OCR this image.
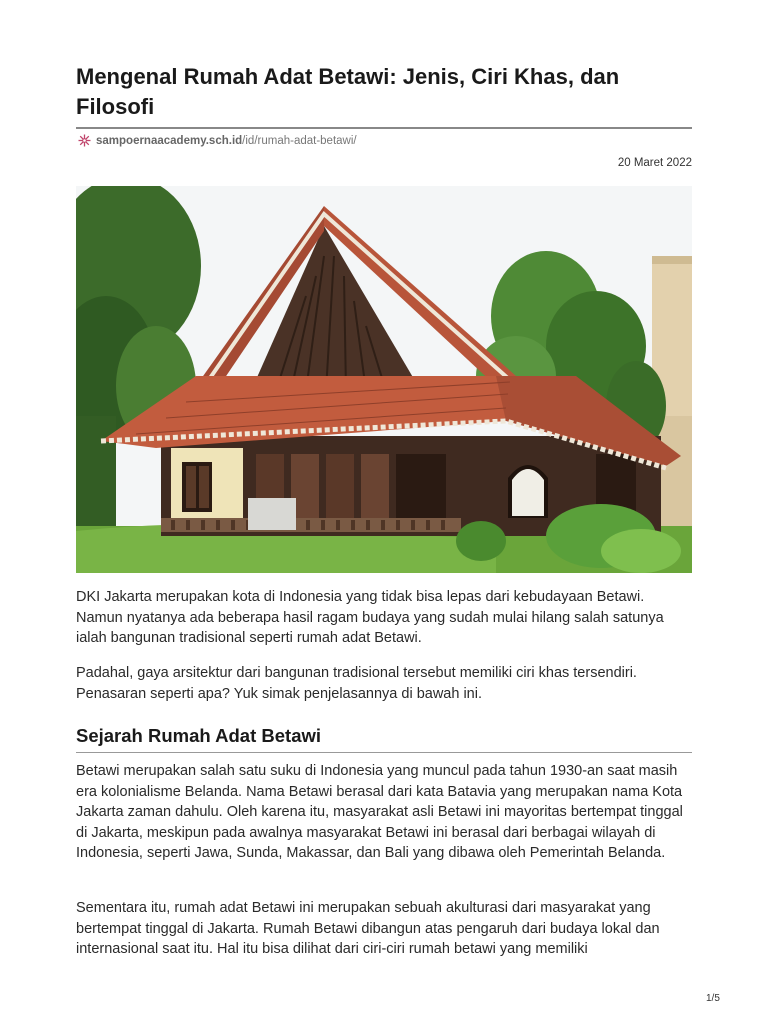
Mengenal Rumah Adat Betawi: Jenis, Ciri Khas, dan Filosofi
sampoernaacademy.sch.id/id/rumah-adat-betawi/
20 Maret 2022

DKI Jakarta merupakan kota di Indonesia yang tidak bisa lepas dari kebudayaan Betawi. Namun nyatanya ada beberapa hasil ragam budaya yang sudah mulai hilang salah satunya ialah bangunan tradisional seperti rumah adat Betawi.

Padahal, gaya arsitektur dari bangunan tradisional tersebut memiliki ciri khas tersendiri. Penasaran seperti apa? Yuk simak penjelasannya di bawah ini.

Sejarah Rumah Adat Betawi

Betawi merupakan salah satu suku di Indonesia yang muncul pada tahun 1930-an saat masih era kolonialisme Belanda. Nama Betawi berasal dari kata Batavia yang merupakan nama Kota Jakarta zaman dahulu. Oleh karena itu, masyarakat asli Betawi ini mayoritas bertempat tinggal di Jakarta, meskipun pada awalnya masyarakat Betawi ini berasal dari berbagai wilayah di Indonesia, seperti Jawa, Sunda, Makassar, dan Bali yang dibawa oleh Pemerintah Belanda.

Sementara itu, rumah adat Betawi ini merupakan sebuah akulturasi dari masyarakat yang bertempat tinggal di Jakarta. Rumah Betawi dibangun atas pengaruh dari budaya lokal dan internasional saat itu. Hal itu bisa dilihat dari ciri-ciri rumah betawi yang memiliki

1/5
